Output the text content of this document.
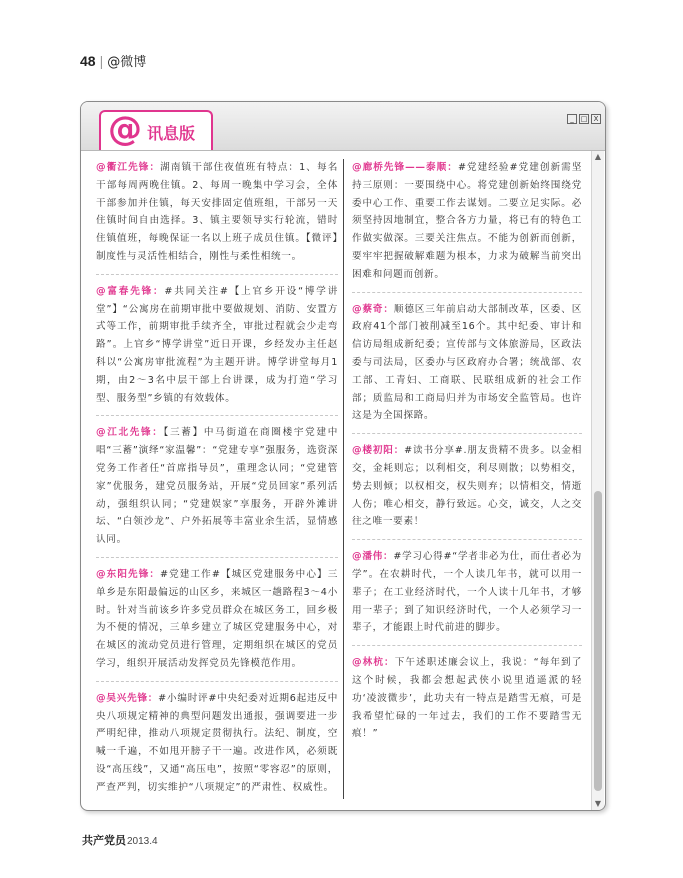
48 | @微博
@ 讯息版
_ □ X
@衢江先锋：湖南镇干部住夜值班有特点：1、每名干部每周两晚住镇。2、每周一晚集中学习会，全体干部参加并住镇，每天安排固定值班组，干部另一天住镇时间自由选择。3、镇主要领导实行轮流，错时住镇值班，每晚保证一名以上班子成员住镇。【微评】制度性与灵活性相结合，刚性与柔性相统一。
@富春先锋：#共同关注#【上官乡开设“博学讲堂”】“公寓房在前期审批中要做规划、消防、安置方式等工作，前期审批手续齐全，审批过程就会少走弯路”。上官乡“博学讲堂”近日开课，乡经发办主任赵科以“公寓房审批流程”为主题开讲。博学讲堂每月1期，由2～3名中层干部上台讲课，成为打造“学习型、服务型”乡镇的有效载体。
@江北先锋：【三蓄】中马街道在商圈楼宇党建中唱“三蓄”演绎“家温馨”：“党建专享”强服务，选资深党务工作者任“首席指导员”，重理念认同；“党建管家”优服务，建党员服务站，开展“党员回家”系列活动，强组织认同；“党建娱家”享服务，开辟外滩讲坛、“白领沙龙”、户外拓展等丰富业余生活，显情感认同。
@东阳先锋：#党建工作#【城区党建服务中心】三单乡是东阳最偏远的山区乡，来城区一趟路程3～4小时。针对当前该乡许多党员群众在城区务工，回乡极为不便的情况，三单乡建立了城区党建服务中心，对在城区的流动党员进行管理，定期组织在城区的党员学习，组织开展活动发挥党员先锋模范作用。
@吴兴先锋：#小编时评#中央纪委对近期6起违反中央八项规定精神的典型问题发出通报，强调要进一步严明纪律，推动八项规定贯彻执行。法纪、制度，空喊一千遍，不如甩开膀子干一遍。改进作风，必须既设“高压线”，又通“高压电”，按照“零容忍”的原则，严查严判，切实维护“八项规定”的严肃性、权威性。
@廊桥先锋——泰顺：#党建经验#党建创新需坚持三原则：一要围绕中心。将党建创新始终围绕党委中心工作、重要工作去谋划。二要立足实际。必须坚持因地制宜，整合各方力量，将已有的特色工作做实做深。三要关注焦点。不能为创新而创新，要牢牢把握破解难题为根本，力求为破解当前突出困难和问题而创新。
@蔡奇：顺德区三年前启动大部制改革，区委、区政府41个部门被削减至16个。其中纪委、审计和信访局组成新纪委；宣传部与文体旅游局，区政法委与司法局，区委办与区政府办合署；统战部、农工部、工青妇、工商联、民联组成新的社会工作部；质监局和工商局归并为市场安全监管局。也许这是为全国探路。
@楼初阳：#读书分享#.朋友贵精不贵多。以金相交，金耗则忘；以利相交，利尽则散；以势相交，势去则倾；以权相交，权失则弃；以情相交，情逝人伤；唯心相交，静行致远。心交，诚交，人之交往之唯一要素！
@潘伟：#学习心得#“学者非必为仕，而仕者必为学”。在农耕时代，一个人读几年书，就可以用一辈子；在工业经济时代，一个人读十几年书，才够用一辈子；到了知识经济时代，一个人必须学习一辈子，才能跟上时代前进的脚步。
@林杭：下午述职述廉会议上，我说：“每年到了这个时候，我都会想起武侠小说里逍遥派的轻功‘凌波微步’，此功夫有一特点是踏雪无痕，可是我希望忙碌的一年过去，我们的工作不要踏雪无痕！”
▲
▼
共产党员2013.4
